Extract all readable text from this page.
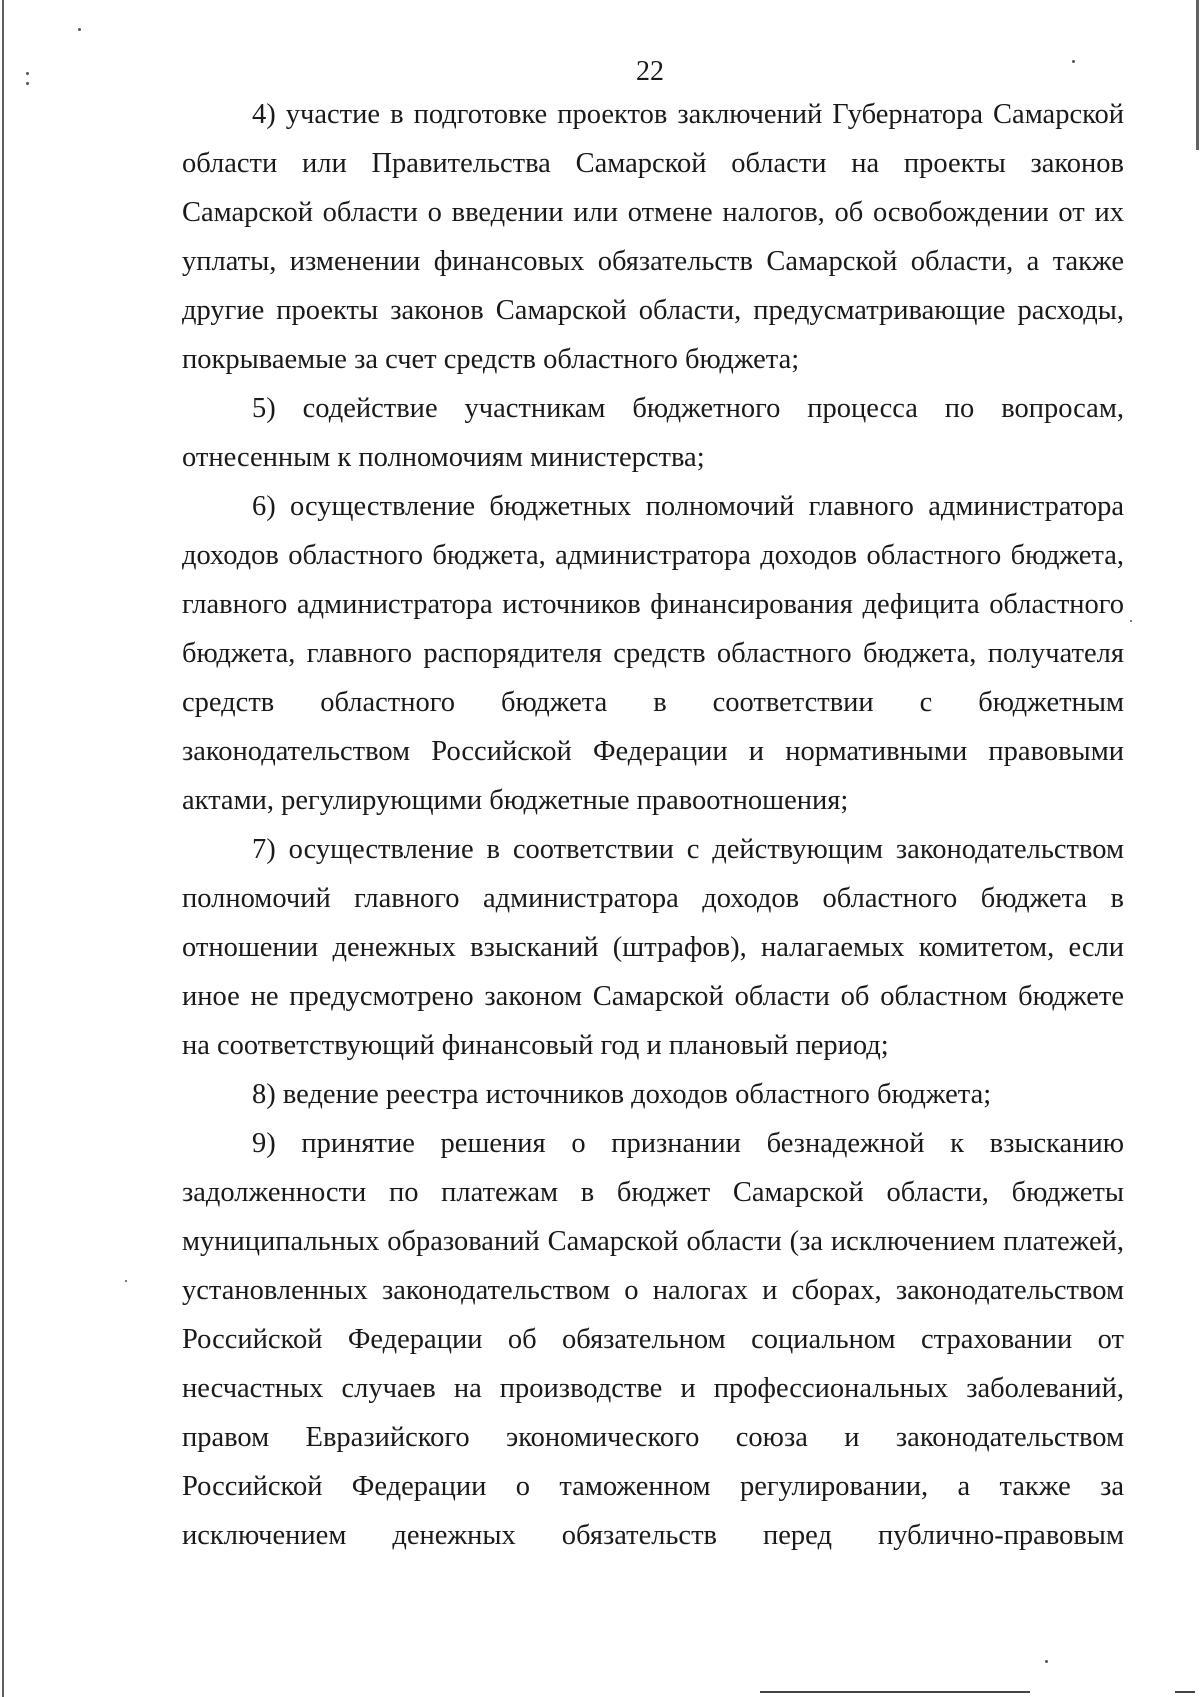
22

4) участие в подготовке проектов заключений Губернатора Самарской области или Правительства Самарской области на проекты законов Самарской области о введении или отмене налогов, об освобождении от их уплаты, изменении финансовых обязательств Самарской области, а также другие проекты законов Самарской области, предусматривающие расходы, покрываемые за счет средств областного бюджета;

5) содействие участникам бюджетного процесса по вопросам, отнесенным к полномочиям министерства;

6) осуществление бюджетных полномочий главного администратора доходов областного бюджета, администратора доходов областного бюджета, главного администратора источников финансирования дефицита областного бюджета, главного распорядителя средств областного бюджета, получателя средств областного бюджета в соответствии с бюджетным законодательством Российской Федерации и нормативными правовыми актами, регулирующими бюджетные правоотношения;

7) осуществление в соответствии с действующим законодательством полномочий главного администратора доходов областного бюджета в отношении денежных взысканий (штрафов), налагаемых комитетом, если иное не предусмотрено законом Самарской области об областном бюджете на соответствующий финансовый год и плановый период;

8) ведение реестра источников доходов областного бюджета;

9) принятие решения о признании безнадежной к взысканию задолженности по платежам в бюджет Самарской области, бюджеты муниципальных образований Самарской области (за исключением платежей, установленных законодательством о налогах и сборах, законодательством Российской Федерации об обязательном социальном страховании от несчастных случаев на производстве и профессиональных заболеваний, правом Евразийского экономического союза и законодательством Российской Федерации о таможенном регулировании, а также за исключением денежных обязательств перед публично-правовым
